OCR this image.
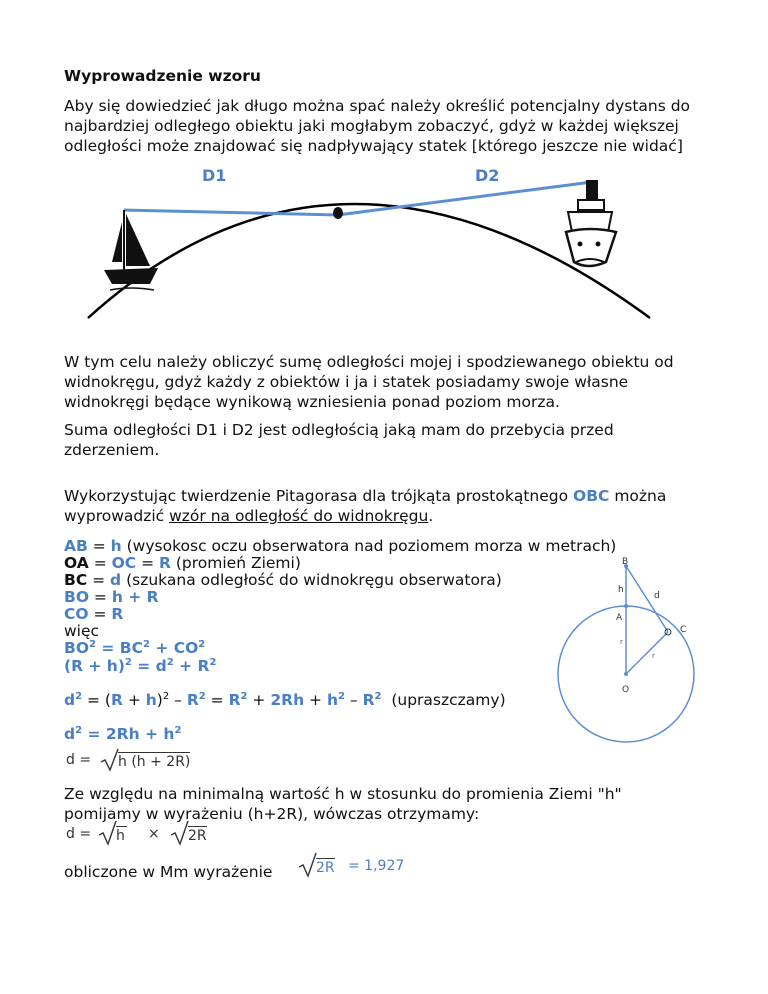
Wyprowadzenie wzoru

Aby się dowiedzieć jak długo można spać należy określić potencjalny dystans do
najbardziej odległego obiektu jaki mogłabym zobaczyć, gdyż w każdej większej
odległości może znajdować się nadpływający statek [którego jeszcze nie widać]
D1	D2
W tym celu należy obliczyć sumę odległości mojej i spodziewanego obiektu od
widnokręgu, gdyż każdy z obiektów i ja i statek posiadamy swoje własne
widnokręgi będące wynikową wzniesienia ponad poziom morza.
Suma odległości D1 i D2 jest odległością jaką mam do przebycia przed
zderzeniem.
Wykorzystując twierdzenie Pitagorasa dla trójkąta prostokątnego OBC można
wyprowadzić wzór na odległość do widnokręgu.
AB = h (wysokosc oczu obserwatora nad poziomem morza w metrach)
OA = OC = R (promień Ziemi)
BC = d (szukana odległość do widnokręgu obserwatora)
BO = h + R
CO = R
więc
$BO^2 = BC^2 + CO^2$
$(R + h)^2 = d^2 + R^2$
B
h
d
A
C
r
r
O
$d^2 = (R + h)^2 - R^2 = R^2 + 2Rh + h^2 - R^2$ (upraszczamy)
$d^2 = 2Rh + h^2$
d = h (h + 2R)
Ze względu na minimalną wartość h w stosunku do promienia Ziemi "h"
pomijamy w wyrażeniu (h+2R), wówczas otrzymamy:
d = h × 2R
obliczone w Mm wyrażenie	2R = 1,927
